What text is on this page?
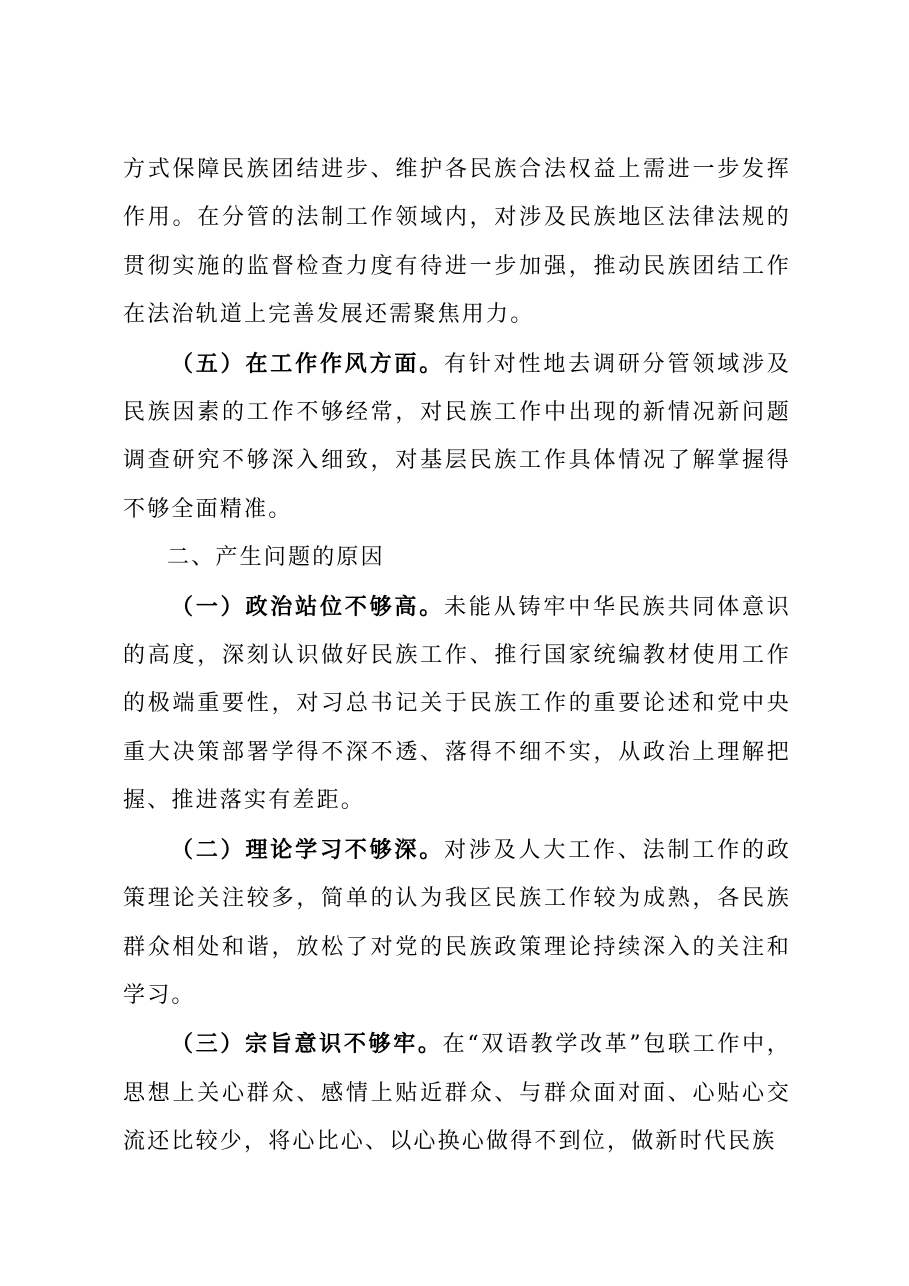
方式保障民族团结进步、维护各民族合法权益上需进一步发挥作用。在分管的法制工作领域内，对涉及民族地区法律法规的贯彻实施的监督检查力度有待进一步加强，推动民族团结工作在法治轨道上完善发展还需聚焦用力。

（五）在工作作风方面。有针对性地去调研分管领域涉及民族因素的工作不够经常，对民族工作中出现的新情况新问题调查研究不够深入细致，对基层民族工作具体情况了解掌握得不够全面精准。

二、产生问题的原因

（一）政治站位不够高。未能从铸牢中华民族共同体意识的高度，深刻认识做好民族工作、推行国家统编教材使用工作的极端重要性，对习总书记关于民族工作的重要论述和党中央重大决策部署学得不深不透、落得不细不实，从政治上理解把握、推进落实有差距。

（二）理论学习不够深。对涉及人大工作、法制工作的政策理论关注较多，简单的认为我区民族工作较为成熟，各民族群众相处和谐，放松了对党的民族政策理论持续深入的关注和学习。

（三）宗旨意识不够牢。在“双语教学改革”包联工作中，思想上关心群众、感情上贴近群众、与群众面对面、心贴心交流还比较少，将心比心、以心换心做得不到位，做新时代民族
